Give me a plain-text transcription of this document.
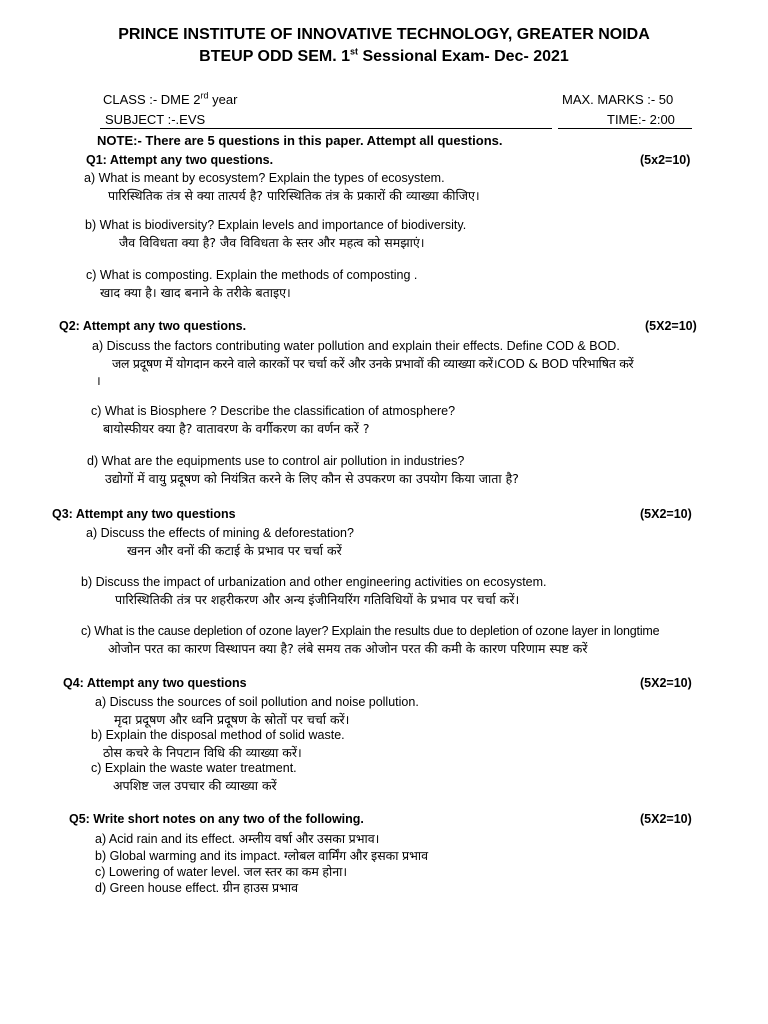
PRINCE INSTITUTE OF INNOVATIVE TECHNOLOGY, GREATER NOIDA
BTEUP ODD SEM. 1st Sessional Exam- Dec- 2021
CLASS :- DME 2rd year	MAX. MARKS :- 50
SUBJECT :-.EVS	TIME:- 2:00
NOTE:- There are 5 questions in this paper. Attempt all questions.
Q1: Attempt any two questions.	(5x2=10)
a) What is meant by ecosystem? Explain the types of ecosystem.
पारिस्थितिक तंत्र से क्या तात्पर्य है? पारिस्थितिक तंत्र के प्रकारों की व्याख्या कीजिए।
b) What is biodiversity? Explain levels and importance of biodiversity.
जैव विविधता क्या है? जैव विविधता के स्तर और महत्व को समझाएं।
c) What is composting. Explain the methods of composting .
खाद क्या है। खाद बनाने के तरीके बताइए।
Q2: Attempt any two questions.	(5X2=10)
a) Discuss the factors contributing water pollution and explain their effects. Define COD & BOD.
जल प्रदूषण में योगदान करने वाले कारकों पर चर्चा करें और उनके प्रभावों की व्याख्या करें।COD & BOD परिभाषित करें
।
c) What is Biosphere ? Describe the classification of atmosphere?
बायोस्फीयर क्या है? वातावरण के वर्गीकरण का वर्णन करें ?
d) What are the equipments use to control air pollution in industries?
उद्योगों में वायु प्रदूषण को नियंत्रित करने के लिए कौन से उपकरण का उपयोग किया जाता है?
Q3: Attempt any two questions	(5X2=10)
a) Discuss the effects of mining & deforestation?
खनन और वनों की कटाई के प्रभाव पर चर्चा करें
b) Discuss the impact of urbanization and other engineering activities on ecosystem.
पारिस्थितिकी तंत्र पर शहरीकरण और अन्य इंजीनियरिंग गतिविधियों के प्रभाव पर चर्चा करें।
c) What is the cause depletion of ozone layer? Explain the results due to depletion of ozone layer in longtime
ओजोन परत का कारण विस्थापन क्या है? लंबे समय तक ओजोन परत की कमी के कारण परिणाम स्पष्ट करें
Q4: Attempt any two questions	(5X2=10)
a) Discuss the sources of soil pollution and noise pollution.
मृदा प्रदूषण और ध्वनि प्रदूषण के स्रोतों पर चर्चा करें।
b) Explain the disposal method of solid waste.
ठोस कचरे के निपटान विधि की व्याख्या करें।
c) Explain the waste water treatment.
अपशिष्ट जल उपचार की व्याख्या करें
Q5: Write short notes on any two of the following.	(5X2=10)
a) Acid rain and its effect. अम्लीय वर्षा और उसका प्रभाव।
b) Global warming and its impact. ग्लोबल वार्मिंग और इसका प्रभाव
c) Lowering of water level. जल स्तर का कम होना।
d) Green house effect. ग्रीन हाउस प्रभाव
